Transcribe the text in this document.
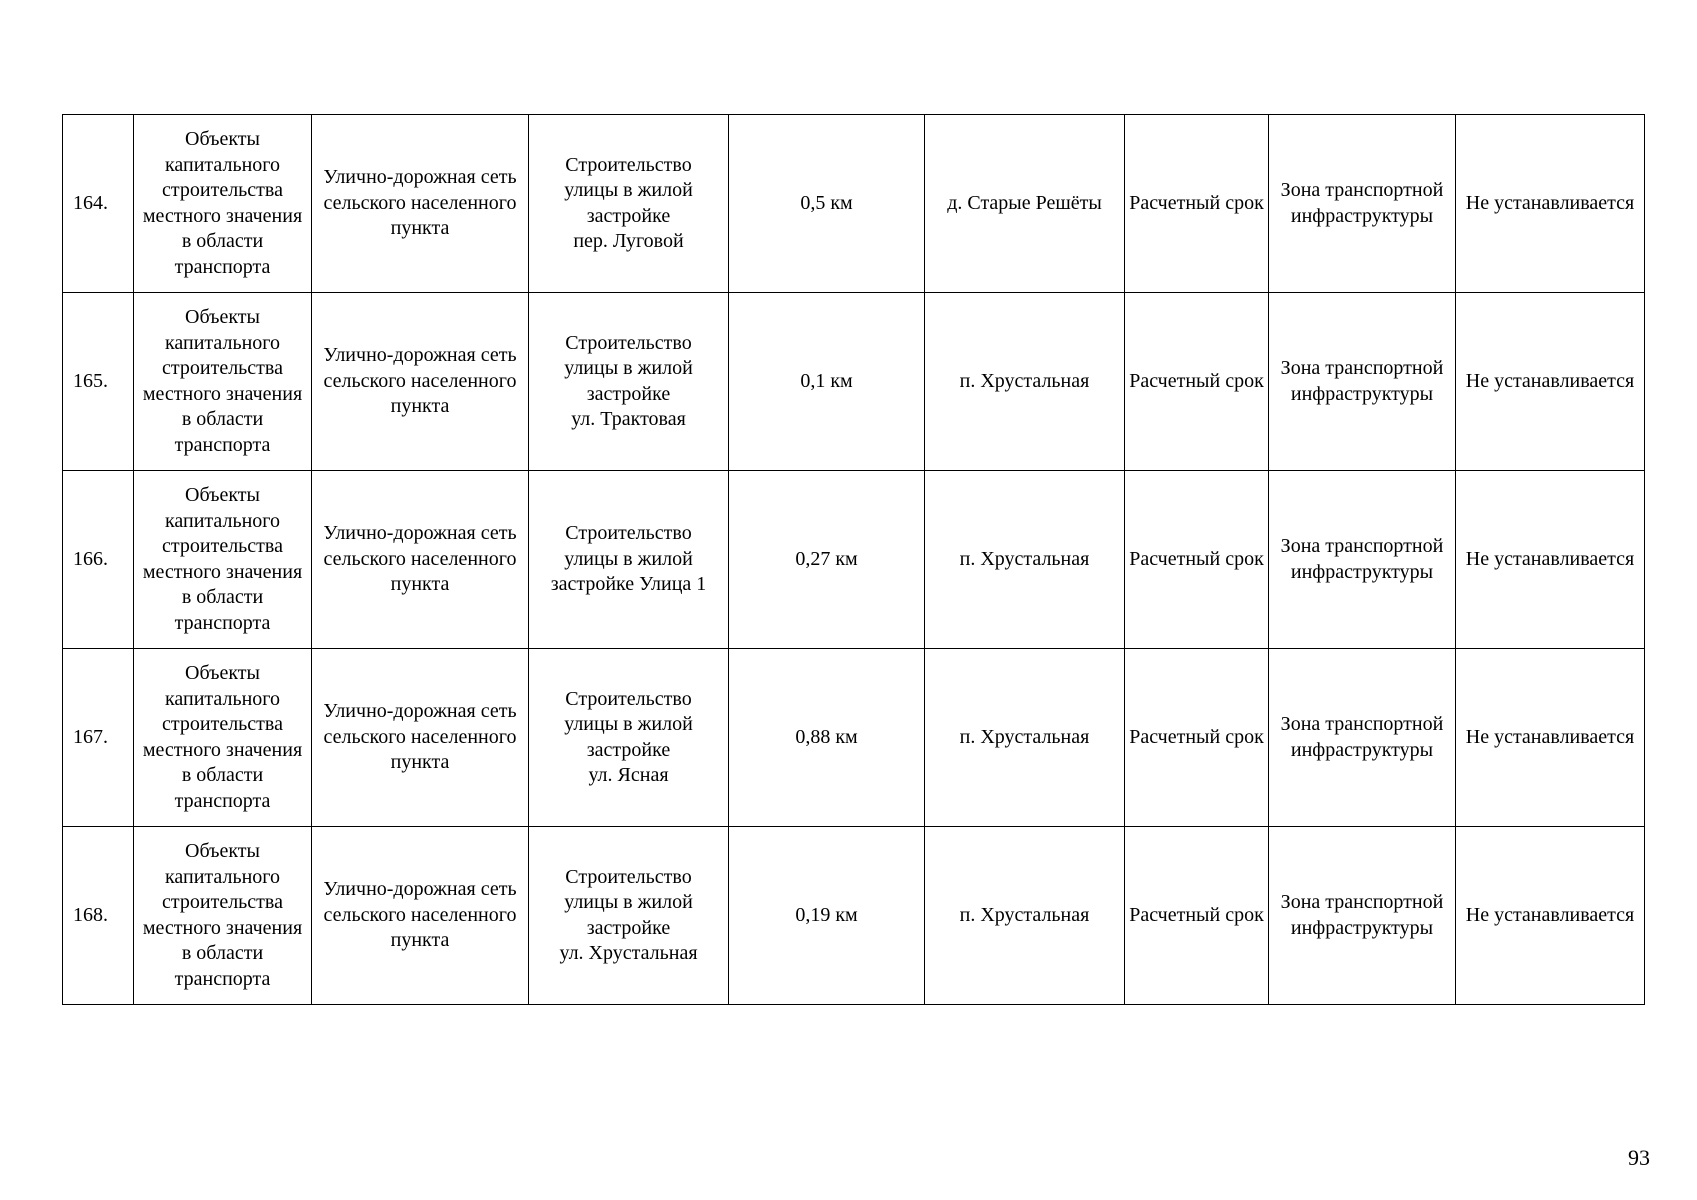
164.	Объекты капитального строительства местного значения в области транспорта	Улично-дорожная сеть сельского населенного пункта	Строительство
улицы в жилой
застройке
пер. Луговой	0,5 км	д. Старые Решёты	Расчетный срок	Зона транспортной инфраструктуры	Не устанавливается
165.	Объекты капитального строительства местного значения в области транспорта	Улично-дорожная сеть сельского населенного пункта	Строительство
улицы в жилой
застройке
ул. Трактовая	0,1 км	п. Хрустальная	Расчетный срок	Зона транспортной инфраструктуры	Не устанавливается
166.	Объекты капитального строительства местного значения в области транспорта	Улично-дорожная сеть сельского населенного пункта	Строительство
улицы в жилой
застройке Улица 1	0,27 км	п. Хрустальная	Расчетный срок	Зона транспортной инфраструктуры	Не устанавливается
167.	Объекты капитального строительства местного значения в области транспорта	Улично-дорожная сеть сельского населенного пункта	Строительство
улицы в жилой
застройке
ул. Ясная	0,88 км	п. Хрустальная	Расчетный срок	Зона транспортной инфраструктуры	Не устанавливается
168.	Объекты капитального строительства местного значения в области транспорта	Улично-дорожная сеть сельского населенного пункта	Строительство
улицы в жилой
застройке
ул. Хрустальная	0,19 км	п. Хрустальная	Расчетный срок	Зона транспортной инфраструктуры	Не устанавливается
93
